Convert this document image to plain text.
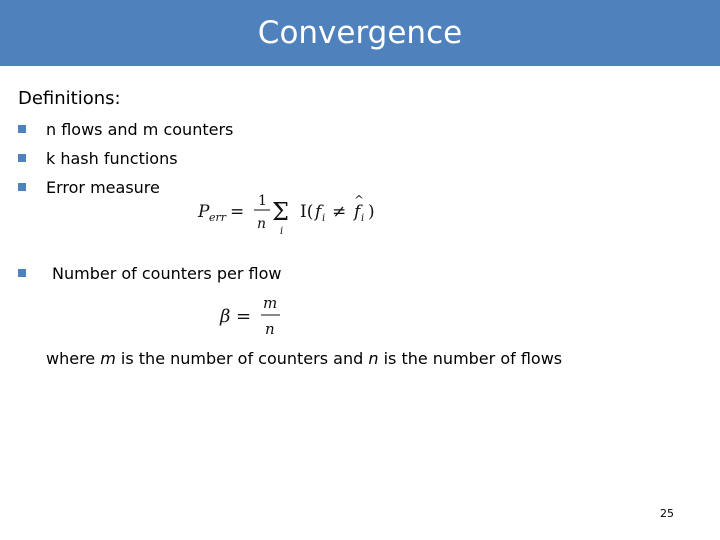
Convergence
Definitions:
n flows and m counters
k hash functions
Error measure
P err =
1
n Σ
i
I( f i ≠ f
^
i )
Number of counters per flow
β =
m
n
where m is the number of counters and n is the number of flows
25
